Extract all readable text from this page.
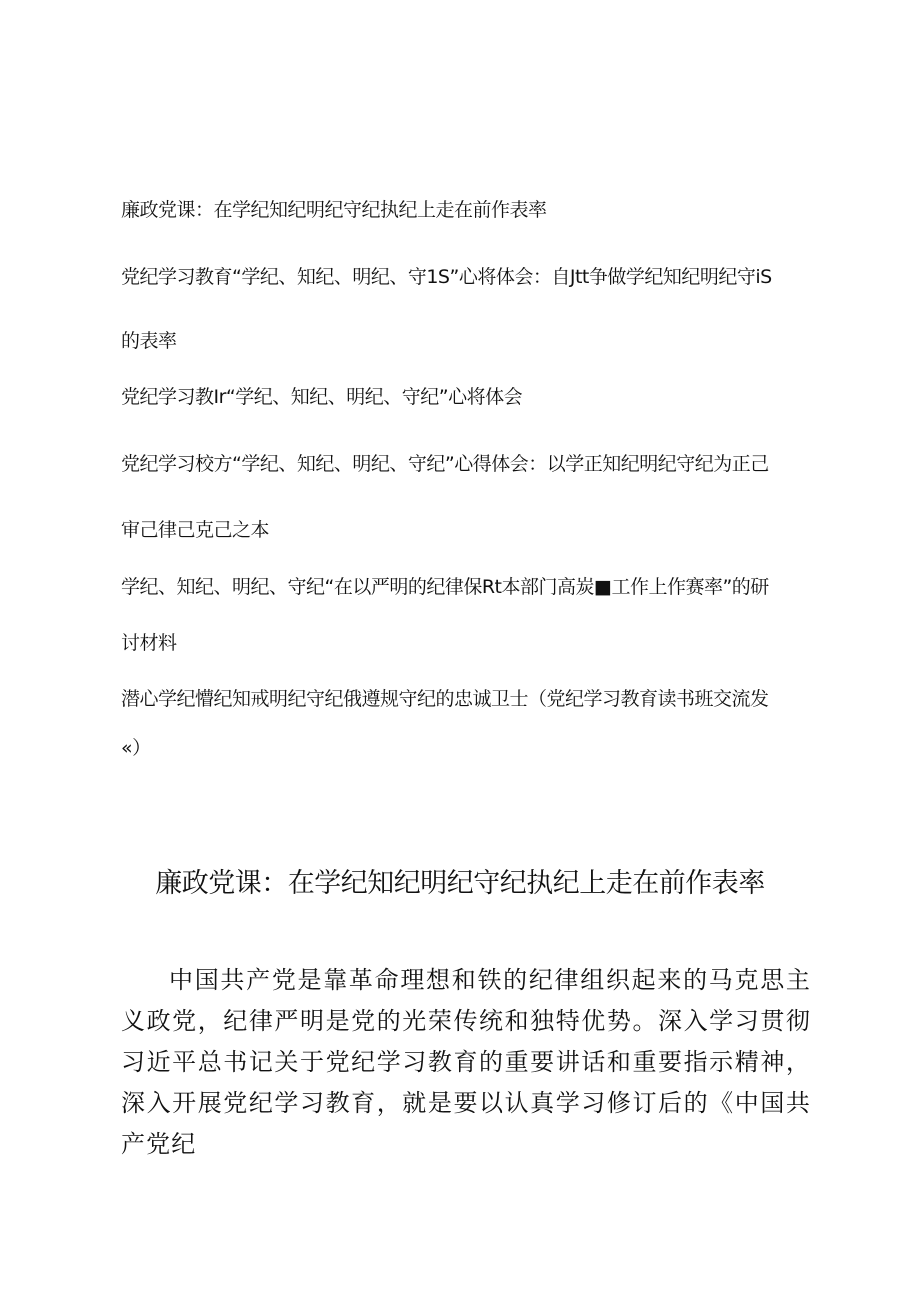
廉政党课：在学纪知纪明纪守纪执纪上走在前作表率
党纪学习教育“学纪、知纪、明纪、守1S”心将体会：自Jtt争做学纪知纪明纪守iS
的表率
党纪学习教Ir“学纪、知纪、明纪、守纪”心将体会
党纪学习校方“学纪、知纪、明纪、守纪”心得体会：以学正知纪明纪守纪为正己
审己律己克己之本
学纪、知纪、明纪、守纪“在以严明的纪律保Rt本部门高炭■工作上作赛率”的研
讨材料
潜心学纪懵纪知戒明纪守纪俄遵规守纪的忠诚卫士（党纪学习教育读书班交流发
«）
廉政党课：在学纪知纪明纪守纪执纪上走在前作表率

中国共产党是靠革命理想和铁的纪律组织起来的马克思主义政党，纪律严明是党的光荣传统和独特优势。深入学习贯彻习近平总书记关于党纪学习教育的重要讲话和重要指示精神，深入开展党纪学习教育，就是要以认真学习修订后的《中国共产党纪
